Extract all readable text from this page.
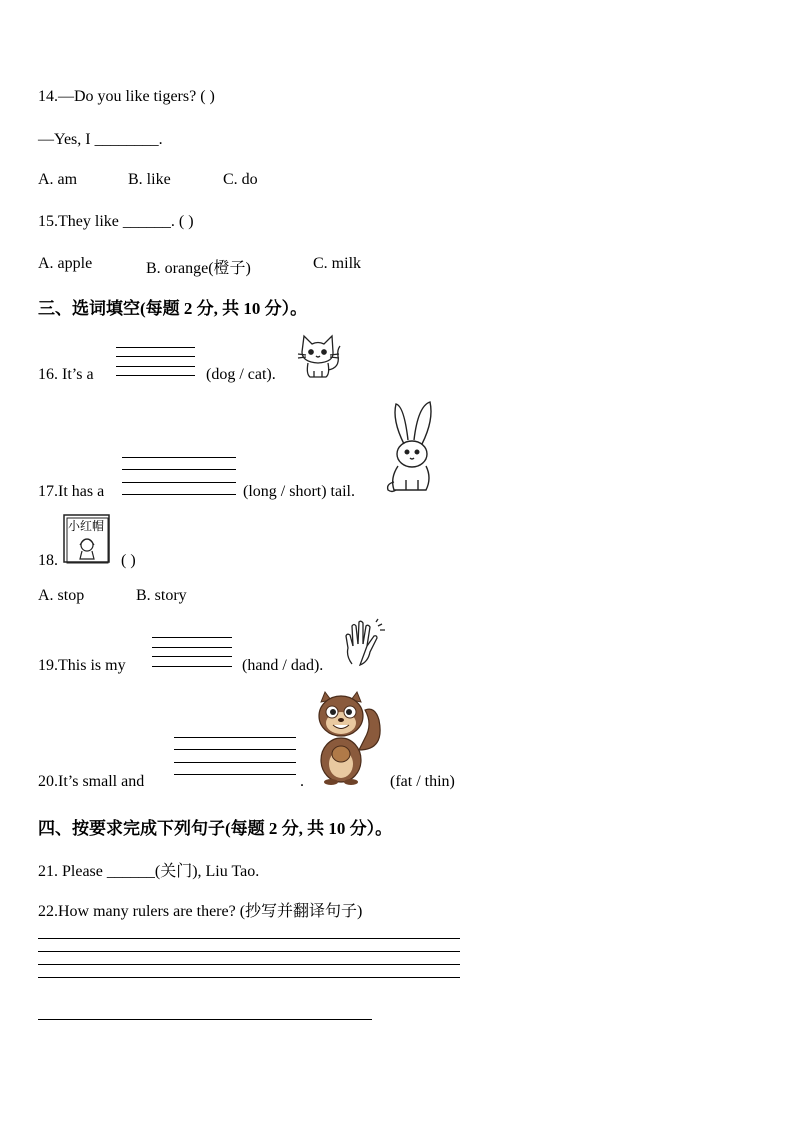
14.—Do you like tigers? ( )
—Yes, I ________.
A. am	B. like	C. do
15.They like ______. ( )
A. apple	B. orange(橙子)	C. milk
三、选词填空(每题 2 分, 共 10 分）。
16. It’s a	(dog / cat).
17.It has a	(long / short) tail.
小红帽
18.	( )
A. stop	B. story
19.This is my	(hand / dad).
20.It’s small and	.	(fat / thin)
四、按要求完成下列句子(每题 2 分, 共 10 分）。
21. Please ______(关门), Liu Tao.
22.How many rulers are there? (抄写并翻译句子)
